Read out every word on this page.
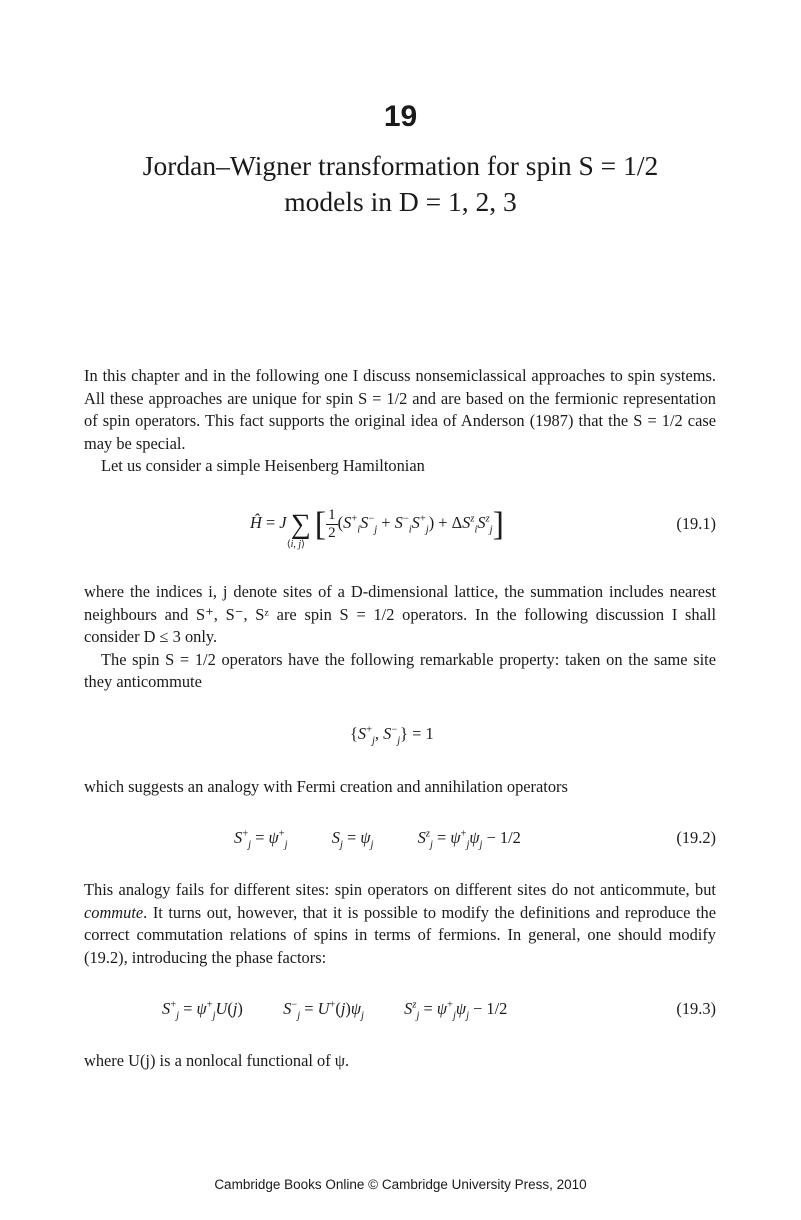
19
Jordan–Wigner transformation for spin S = 1/2
models in D = 1, 2, 3

In this chapter and in the following one I discuss nonsemiclassical approaches to spin systems. All these approaches are unique for spin S = 1/2 and are based on the fermionic representation of spin operators. This fact supports the original idea of Anderson (1987) that the S = 1/2 case may be special.

Let us consider a simple Heisenberg Hamiltonian

Ĥ = J ∑
⟨i, j⟩
[ $\frac{1}{2} (S^+_iS^-_j + S^-_iS^+_j) + \Delta S^z_iS^z_j$]	(19.1)

where the indices i, j denote sites of a D-dimensional lattice, the summation includes nearest neighbours and S⁺, S⁻, Sᶻ are spin S = 1/2 operators. In the following discussion I shall consider D ≤ 3 only.

The spin S = 1/2 operators have the following remarkable property: taken on the same site they anticommute

{$S^+_j$, $S^-_j\} = 1$

which suggests an analogy with Fermi creation and annihilation operators

$S^+_j = \psi^+_j$	$S_j = \psi_j$	$S^z_j = \psi^+_j\psi_j - 1/2$	(19.2)

This analogy fails for different sites: spin operators on different sites do not anticommute, but commute. It turns out, however, that it is possible to modify the definitions and reproduce the correct commutation relations of spins in terms of fermions. In general, one should modify (19.2), introducing the phase factors:

$S^+_j = \psi^+_jU(j) S^-_j = U^+(j)\psi_j$ $S^z_j = \psi^+_j\psi_j - 1/2$	(19.3)

where U(j) is a nonlocal functional of ψ.

Cambridge Books Online © Cambridge University Press, 2010
